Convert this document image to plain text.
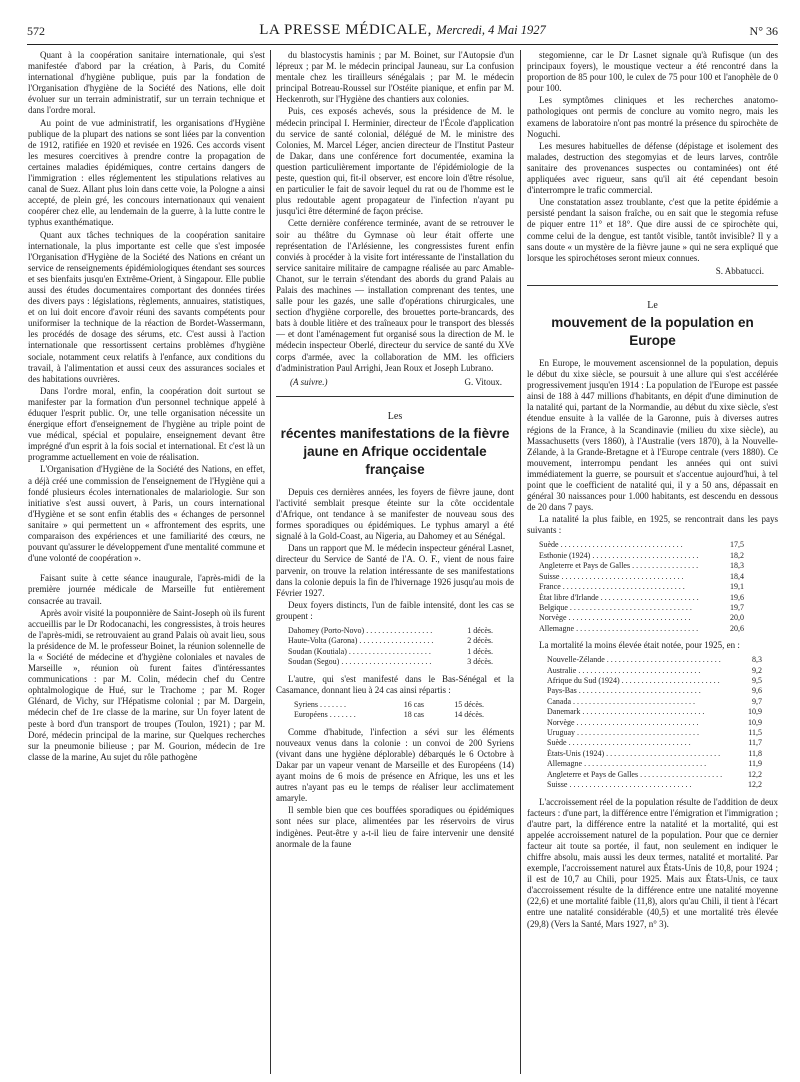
572	LA PRESSE MÉDICALE, Mercredi, 4 Mai 1927	N° 36

Quant à la coopération sanitaire internationale, qui s'est manifestée d'abord par la création, à Paris, du Comité international d'hygiène publique, puis par la fondation de l'Organisation d'hygiène de la Société des Nations, elle doit évoluer sur un terrain administratif, sur un terrain technique et dans l'ordre moral.

Au point de vue administratif, les organisations d'Hygiène publique de la plupart des nations se sont liées par la convention de 1912, ratifiée en 1920 et revisée en 1926. Ces accords visent les mesures coercitives à prendre contre la propagation de certaines maladies épidémiques, contre certains dangers de l'immigration : elles réglementent les stipulations relatives au canal de Suez. Allant plus loin dans cette voie, la Pologne a ainsi accepté, de plein gré, les concours internationaux qui venaient coopérer chez elle, au lendemain de la guerre, à la lutte contre le typhus exanthématique.

Quant aux tâches techniques de la coopération sanitaire internationale, la plus importante est celle que s'est imposée l'Organisation d'Hygiène de la Société des Nations en créant un service de renseignements épidémiologiques étendant ses sources et ses bienfaits jusqu'en Extrême-Orient, à Singapour. Elle publie aussi des études documentaires comportant des données tirées des divers pays : législations, règlements, annuaires, statistiques, et on lui doit encore d'avoir réuni des savants compétents pour uniformiser la technique de la réaction de Bordet-Wassermann, les procédés de dosage des sérums, etc. C'est aussi à l'action internationale que ressortissent certains problèmes d'hygiène sociale, notamment ceux relatifs à l'enfance, aux conditions du travail, à l'alimentation et aussi ceux des assurances sociales et des habitations ouvrières.

Dans l'ordre moral, enfin, la coopération doit surtout se manifester par la formation d'un personnel technique appelé à éduquer l'esprit public. Or, une telle organisation nécessite un énergique effort d'enseignement de l'hygiène au triple point de vue médical, spécial et populaire, enseignement devant être imprégné d'un esprit à la fois social et international. Et c'est là un programme actuellement en voie de réalisation.

L'Organisation d'Hygiène de la Société des Nations, en effet, a déjà créé une commission de l'enseignement de l'Hygiène qui a fondé plusieurs écoles internationales de malariologie. Sur son initiative s'est aussi ouvert, à Paris, un cours international d'Hygiène et se sont enfin établis des « échanges de personnel sanitaire » qui permettent un « affrontement des esprits, une comparaison des expériences et une familiarité des cœurs, ne pouvant qu'assurer le développement d'une mentalité commune et d'une volonté de coopération ».

Faisant suite à cette séance inaugurale, l'après-midi de la première journée médicale de Marseille fut entièrement consacrée au travail.

Après avoir visité la pouponnière de Saint-Joseph où ils furent accueillis par le Dr Rodocanachi, les congressistes, à trois heures de l'après-midi, se retrouvaient au grand Palais où avait lieu, sous la présidence de M. le professeur Boinet, la réunion solennelle de la « Société de médecine et d'hygiène coloniales et navales de Marseille », réunion où furent faites d'intéressantes communications : par M. Colin, médecin chef du Centre ophtalmologique de Hué, sur le Trachome ; par M. Roger Glénard, de Vichy, sur l'Hépatisme colonial ; par M. Dargein, médecin chef de 1re classe de la marine, sur Un foyer latent de peste à bord d'un transport de troupes (Toulon, 1921) ; par M. Doré, médecin principal de la marine, sur Quelques recherches sur la pneumonie bilieuse ; par M. Gourion, médecin de 1re classe de la marine, Au sujet du rôle pathogène

du blastocystis haminis ; par M. Boinet, sur l'Autopsie d'un lépreux ; par M. le médecin principal Jauneau, sur La confusion mentale chez les tirailleurs sénégalais ; par M. le médecin principal Botreau-Roussel sur l'Ostéite pianique, et enfin par M. Heckenroth, sur l'Hygiène des chantiers aux colonies.

Puis, ces exposés achevés, sous la présidence de M. le médecin principal I. Herminier, directeur de l'École d'application du service de santé colonial, délégué de M. le ministre des Colonies, M. Marcel Léger, ancien directeur de l'Institut Pasteur de Dakar, dans une conférence fort documentée, examina la question particulièrement importante de l'épidémiologie de la peste, question qui, fit-il observer, est encore loin d'être résolue, en particulier le fait de savoir lequel du rat ou de l'homme est le plus redoutable agent propagateur de l'infection n'ayant pu jusqu'ici être déterminé de façon précise.

Cette dernière conférence terminée, avant de se retrouver le soir au théâtre du Gymnase où leur était offerte une représentation de l'Arlésienne, les congressistes furent enfin conviés à procéder à la visite fort intéressante de l'installation du service sanitaire militaire de campagne réalisée au parc Amable-Chanot, sur le terrain s'étendant des abords du grand Palais au Palais des machines — installation comprenant des tentes, une salle pour les gazés, une salle d'opérations chirurgicales, une section d'hygiène corporelle, des brouettes porte-brancards, des bats à double litière et des traîneaux pour le transport des blessés — et dont l'aménagement fut organisé sous la direction de M. le médecin inspecteur Oberlé, directeur du service de santé du XVe corps d'armée, avec la collaboration de MM. les officiers d'administration Paul Arrighi, Jean Roux et Joseph Lubrano.

(A suivre.)	G. Vitoux.
Les
récentes manifestations de la fièvre jaune en Afrique occidentale française

Depuis ces dernières années, les foyers de fièvre jaune, dont l'activité semblait presque éteinte sur la côte occidentale d'Afrique, ont tendance à se manifester de nouveau sous des formes sporadiques ou épidémiques. Le typhus amaryl a été signalé à la Gold-Coast, au Nigeria, au Dahomey et au Sénégal.

Dans un rapport que M. le médecin inspecteur général Lasnet, directeur du Service de Santé de l'A. O. F., vient de nous faire parvenir, on trouve la relation intéressante de ses manifestations dans la colonie depuis la fin de l'hivernage 1926 jusqu'au mois de Février 1927.

Deux foyers distincts, l'un de faible intensité, dont les cas se groupent :

Dahomey (Porto-Novo) . . .	1 décès.
Haute-Volta (Garona) . . .	2 décès.
Soudan (Koutiala) . . .	1 décès.
Soudan (Segou) . . .	3 décès.

L'autre, qui s'est manifesté dans le Bas-Sénégal et la Casamance, donnant lieu à 24 cas ainsi répartis :

Syriens . . .	16 cas	15 décès.
Européens . . .	18 cas	14 décès.

Comme d'habitude, l'infection a sévi sur les éléments nouveaux venus dans la colonie : un convoi de 200 Syriens (vivant dans une hygiène déplorable) débarqués le 6 Octobre à Dakar par un vapeur venant de Marseille et des Européens (14) ayant moins de 6 mois de présence en Afrique, les uns et les autres n'ayant pas eu le temps de réaliser leur acclimatement amaryle.

Il semble bien que ces bouffées sporadiques ou épidémiques sont nées sur place, alimentées par les réservoirs de virus indigènes. Peut-être y a-t-il lieu de faire intervenir une densité anormale de la faune

stegomienne, car le Dr Lasnet signale qu'à Rufisque (un des principaux foyers), le moustique vecteur a été rencontré dans la proportion de 85 pour 100, le culex de 75 pour 100 et l'anophèle de 0 pour 100.

Les symptômes cliniques et les recherches anatomo-pathologiques ont permis de conclure au vomito negro, mais les examens de laboratoire n'ont pas montré la présence du spirochète de Noguchi.

Les mesures habituelles de défense (dépistage et isolement des malades, destruction des stegomyias et de leurs larves, contrôle sanitaire des provenances suspectes ou contaminées) ont été appliquées avec rigueur, sans qu'il ait été cependant besoin d'interrompre le trafic commercial.

Une constatation assez troublante, c'est que la petite épidémie a persisté pendant la saison fraîche, ou en sait que le stegomia refuse de piquer entre 11° et 18°. Que dire aussi de ce spirochète qui, comme celui de la dengue, est tantôt visible, tantôt invisible? Il y a sans doute « un mystère de la fièvre jaune » qui ne sera expliqué que lorsque les spirochétoses seront mieux connues.

S. Abbatucci.
Le
mouvement de la population en Europe

En Europe, le mouvement ascensionnel de la population, depuis le début du xixe siècle, se poursuit à une allure qui s'est accélérée progressivement jusqu'en 1914 : La population de l'Europe est passée ainsi de 188 à 447 millions d'habitants, en dépit d'une diminution de la natalité qui, partant de la Normandie, au début du xixe siècle, s'est étendue ensuite à la vallée de la Garonne, puis à diverses autres régions de la France, à la Scandinavie (milieu du xixe siècle), au Massachusetts (vers 1860), à l'Australie (vers 1870), à la Nouvelle-Zélande, à la Grande-Bretagne et à l'Europe centrale (vers 1880). Ce mouvement, interrompu pendant les années qui ont suivi immédiatement la guerre, se poursuit et s'accentue aujourd'hui, à tel point que le coefficient de natalité qui, il y a 50 ans, dépassait en général 30 naissances pour 1.000 habitants, est descendu en dessous de 20 dans 7 pays.

La natalité la plus faible, en 1925, se rencontrait dans les pays suivants :

Suède . . .	17,5
Esthonie (1924) . . .	18,2
Angleterre et Pays de Galles . . .	18,3
Suisse . . .	18,4
France . . .	19,1
État libre d'Irlande . . .	19,6
Belgique . . .	19,7
Norvège . . .	20,0
Allemagne . . .	20,6

La mortalité la moins élevée était notée, pour 1925, en :

Nouvelle-Zélande . . .	8,3
Australie . . .	9,2
Afrique du Sud (1924) . . .	9,5
Pays-Bas . . .	9,6
Canada . . .	9,7
Danemark . . .	10,9
Norvège . . .	10,9
Uruguay . . .	11,5
Suède . . .	11,7
États-Unis (1924) . . .	11,8
Allemagne . . .	11,9
Angleterre et Pays de Galles . . .	12,2
Suisse . . .	12,2

L'accroissement réel de la population résulte de l'addition de deux facteurs : d'une part, la différence entre l'émigration et l'immigration ; d'autre part, la différence entre la natalité et la mortalité, qui est appelée accroissement naturel de la population. Pour que ce dernier facteur ait toute sa portée, il faut, non seulement en indiquer le chiffre absolu, mais aussi les deux termes, natalité et mortalité. Par exemple, l'accroissement naturel aux États-Unis de 10,8, pour 1924 ; il est de 10,7 au Chili, pour 1925. Mais aux États-Unis, ce taux d'accroissement résulte de la différence entre une natalité moyenne (22,6) et une mortalité faible (11,8), alors qu'au Chili, il tient à l'écart entre une natalité considérable (40,5) et une mortalité très élevée (29,8) (Vers la Santé, Mars 1927, n° 3).
